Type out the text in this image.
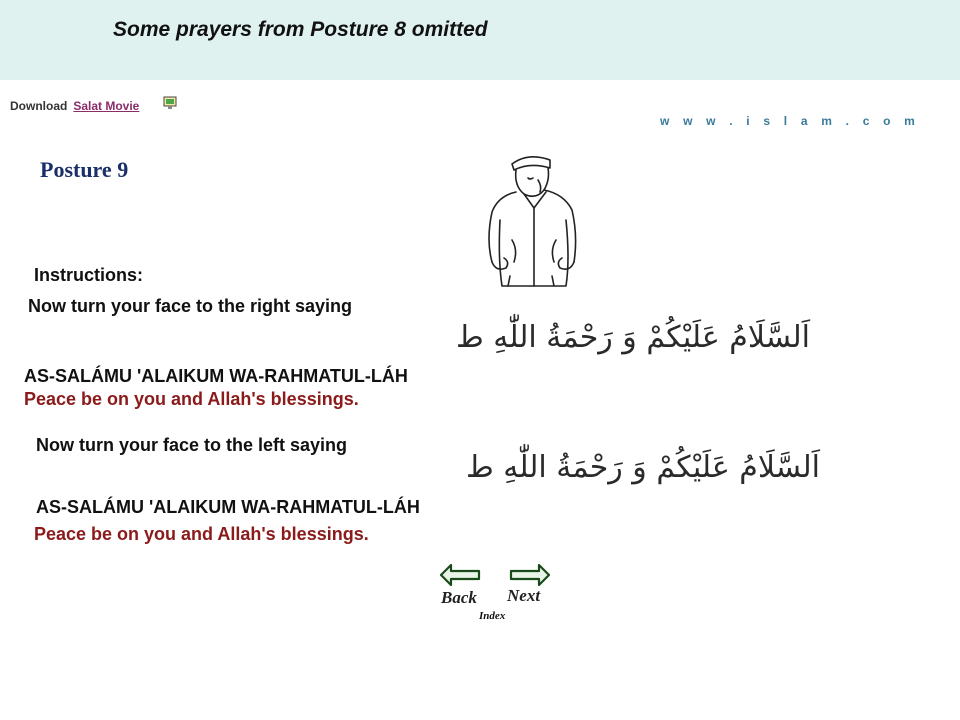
Some prayers from Posture 8 omitted
Download Salat Movie
w w w . i s l a m . c o m
Posture 9
Instructions:
Now turn your face to the right saying
اَلسَّلَامُ عَلَيْكُمْ وَ رَحْمَةُ اللّٰهِ ط
AS-SALÁMU 'ALAIKUM WA-RAHMATUL-LÁH
Peace be on you and Allah's blessings.
Now turn your face to the left saying
اَلسَّلَامُ عَلَيْكُمْ وَ رَحْمَةُ اللّٰهِ ط
AS-SALÁMU 'ALAIKUM WA-RAHMATUL-LÁH
Peace be on you and Allah's blessings.
Back Next
Index
